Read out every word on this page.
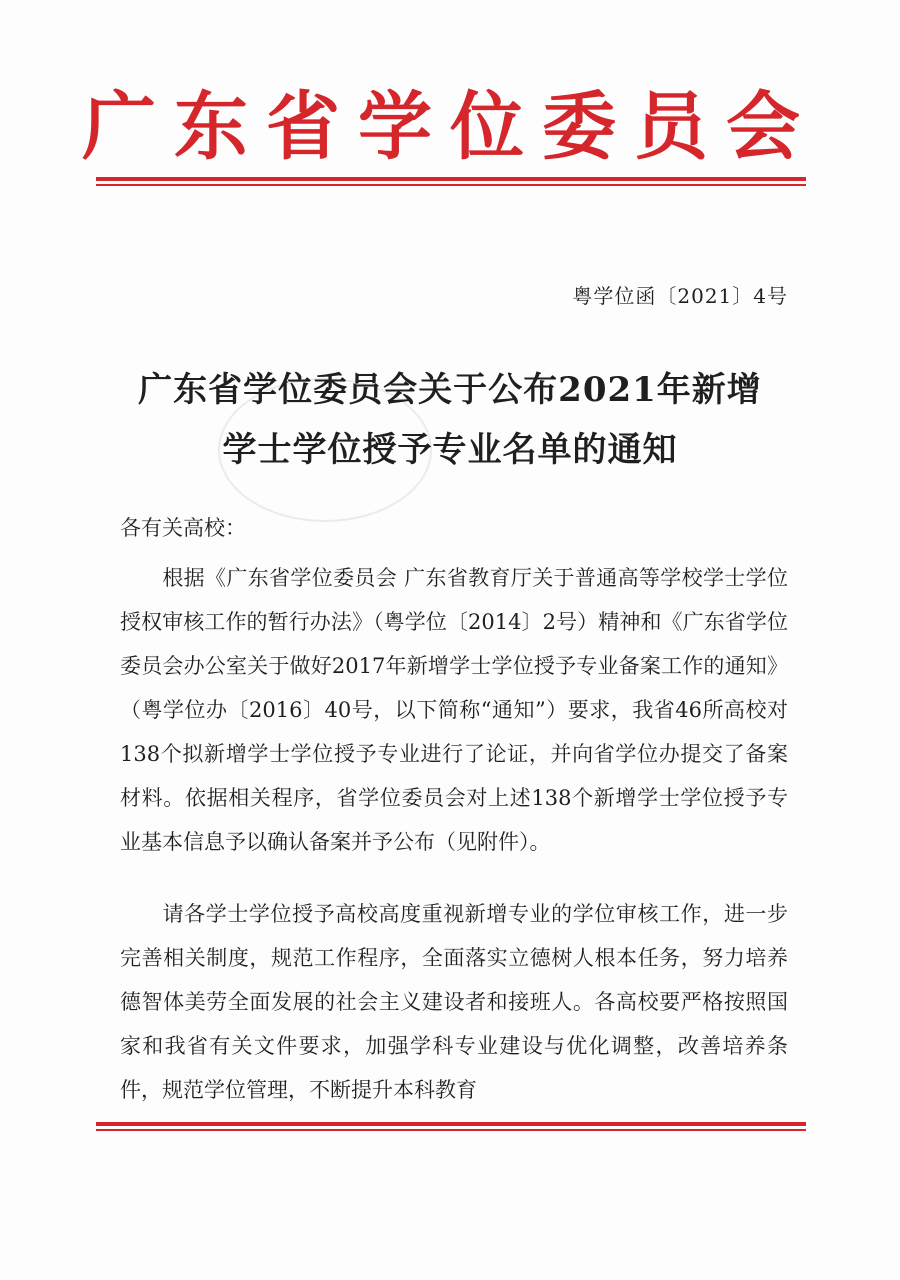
广东省学位委员会
粤学位函〔2021〕4号
广东省学位委员会关于公布2021年新增
学士学位授予专业名单的通知
各有关高校：

根据《广东省学位委员会 广东省教育厅关于普通高等学校学士学位授权审核工作的暂行办法》（粤学位〔2014〕2号）精神和《广东省学位委员会办公室关于做好2017年新增学士学位授予专业备案工作的通知》（粤学位办〔2016〕40号，以下简称“通知”）要求，我省46所高校对138个拟新增学士学位授予专业进行了论证，并向省学位办提交了备案材料。依据相关程序，省学位委员会对上述138个新增学士学位授予专业基本信息予以确认备案并予公布（见附件）。

请各学士学位授予高校高度重视新增专业的学位审核工作，进一步完善相关制度，规范工作程序，全面落实立德树人根本任务，努力培养德智体美劳全面发展的社会主义建设者和接班人。各高校要严格按照国家和我省有关文件要求，加强学科专业建设与优化调整，改善培养条件，规范学位管理，不断提升本科教育
